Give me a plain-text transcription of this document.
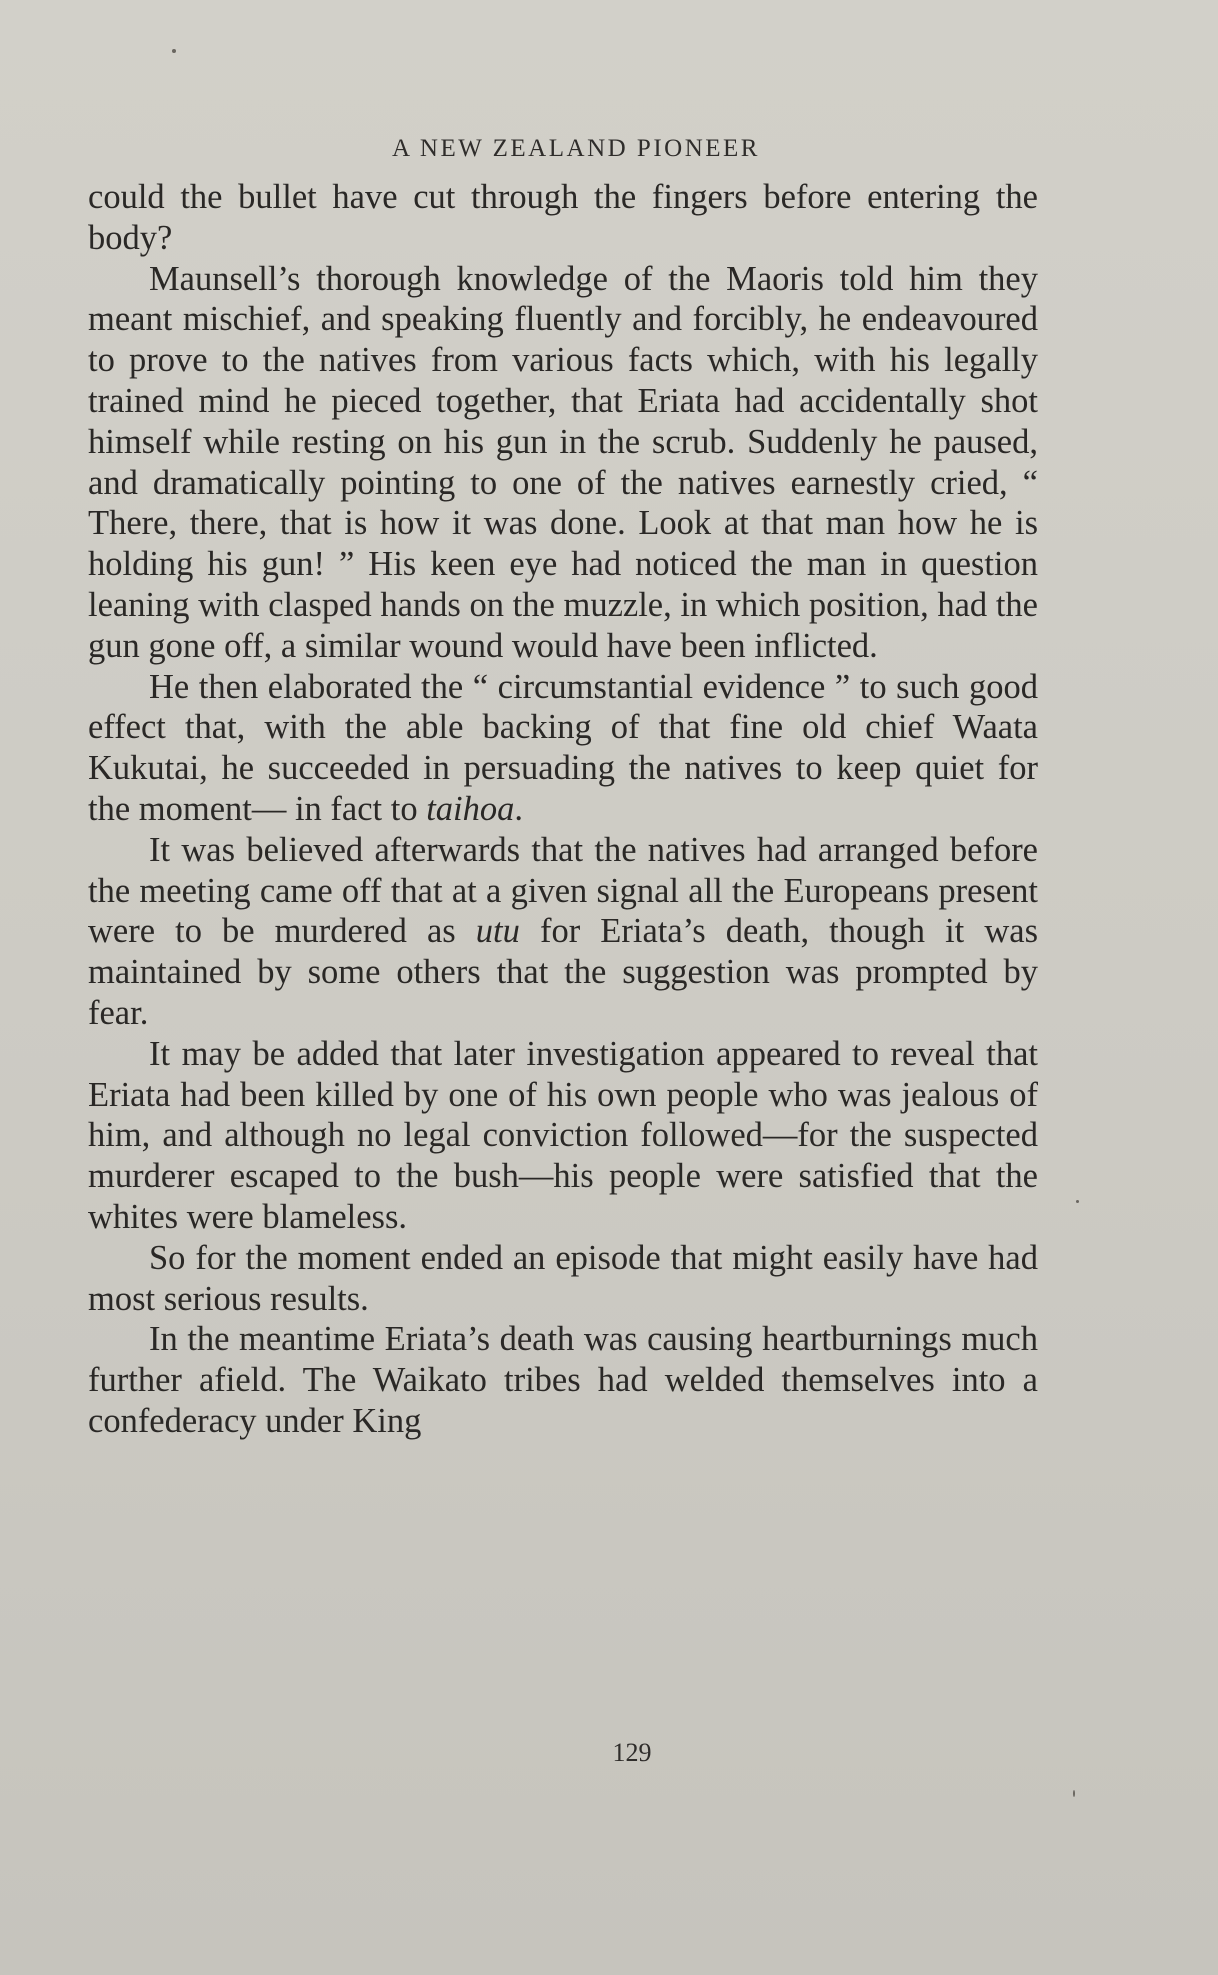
A NEW ZEALAND PIONEER

could the bullet have cut through the fingers before entering the body?

Maunsell’s thorough knowledge of the Maoris told him they meant mischief, and speaking fluently and forcibly, he endeavoured to prove to the natives from various facts which, with his legally trained mind he pieced together, that Eriata had accidentally shot himself while resting on his gun in the scrub. Suddenly he paused, and dramatically pointing to one of the natives earnestly cried, “ There, there, that is how it was done. Look at that man how he is holding his gun! ” His keen eye had noticed the man in question leaning with clasped hands on the muzzle, in which position, had the gun gone off, a similar wound would have been inflicted.

He then elaborated the “ circumstantial evidence ” to such good effect that, with the able backing of that fine old chief Waata Kukutai, he succeeded in persuading the natives to keep quiet for the moment— in fact to taihoa.

It was believed afterwards that the natives had arranged before the meeting came off that at a given signal all the Europeans present were to be murdered as utu for Eriata’s death, though it was maintained by some others that the suggestion was prompted by fear.

It may be added that later investigation appeared to reveal that Eriata had been killed by one of his own people who was jealous of him, and although no legal conviction followed—for the suspected murderer escaped to the bush—his people were satisfied that the whites were blameless.

So for the moment ended an episode that might easily have had most serious results.

In the meantime Eriata’s death was causing heartburnings much further afield. The Waikato tribes had welded themselves into a confederacy under King

129
